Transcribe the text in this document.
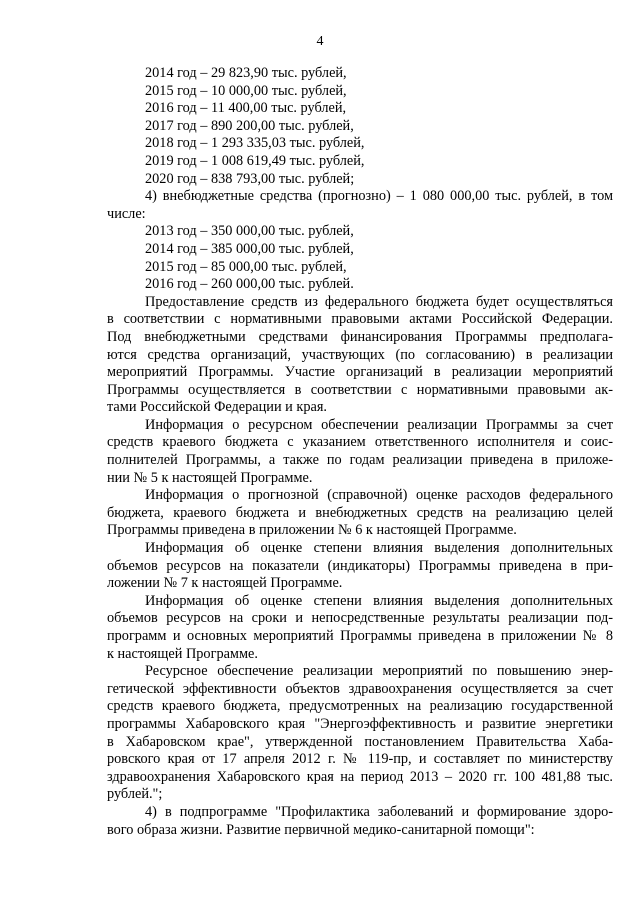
4
2014 год – 29 823,90 тыс. рублей,
2015 год – 10 000,00 тыс. рублей,
2016 год – 11 400,00 тыс. рублей,
2017 год – 890 200,00 тыс. рублей,
2018 год – 1 293 335,03 тыс. рублей,
2019 год – 1 008 619,49 тыс. рублей,
2020 год – 838 793,00 тыс. рублей;
4) внебюджетные средства (прогнозно) – 1 080 000,00 тыс. рублей, в том
числе:
2013 год – 350 000,00 тыс. рублей,
2014 год – 385 000,00 тыс. рублей,
2015 год – 85 000,00 тыс. рублей,
2016 год – 260 000,00 тыс. рублей.
Предоставление средств из федерального бюджета будет осуществляться
в соответствии с нормативными правовыми актами Российской Федерации.
Под внебюджетными средствами финансирования Программы предполага-
ются средства организаций, участвующих (по согласованию) в реализации
мероприятий Программы. Участие организаций в реализации мероприятий
Программы осуществляется в соответствии с нормативными правовыми ак-
тами Российской Федерации и края.
Информация о ресурсном обеспечении реализации Программы за счет
средств краевого бюджета с указанием ответственного исполнителя и соис-
полнителей Программы, а также по годам реализации приведена в приложе-
нии № 5 к настоящей Программе.
Информация о прогнозной (справочной) оценке расходов федерального
бюджета, краевого бюджета и внебюджетных средств на реализацию целей
Программы приведена в приложении № 6 к настоящей Программе.
Информация об оценке степени влияния выделения дополнительных
объемов ресурсов на показатели (индикаторы) Программы приведена в при-
ложении № 7 к настоящей Программе.
Информация об оценке степени влияния выделения дополнительных
объемов ресурсов на сроки и непосредственные результаты реализации под-
программ и основных мероприятий Программы приведена в приложении № 8
к настоящей Программе.
Ресурсное обеспечение реализации мероприятий по повышению энер-
гетической эффективности объектов здравоохранения осуществляется за счет
средств краевого бюджета, предусмотренных на реализацию государственной
программы Хабаровского края "Энергоэффективность и развитие энергетики
в Хабаровском крае", утвержденной постановлением Правительства Хаба-
ровского края от 17 апреля 2012 г. № 119-пр, и составляет по министерству
здравоохранения Хабаровского края на период 2013 – 2020 гг. 100 481,88 тыс.
рублей.";
4) в подпрограмме "Профилактика заболеваний и формирование здоро-
вого образа жизни. Развитие первичной медико-санитарной помощи":
